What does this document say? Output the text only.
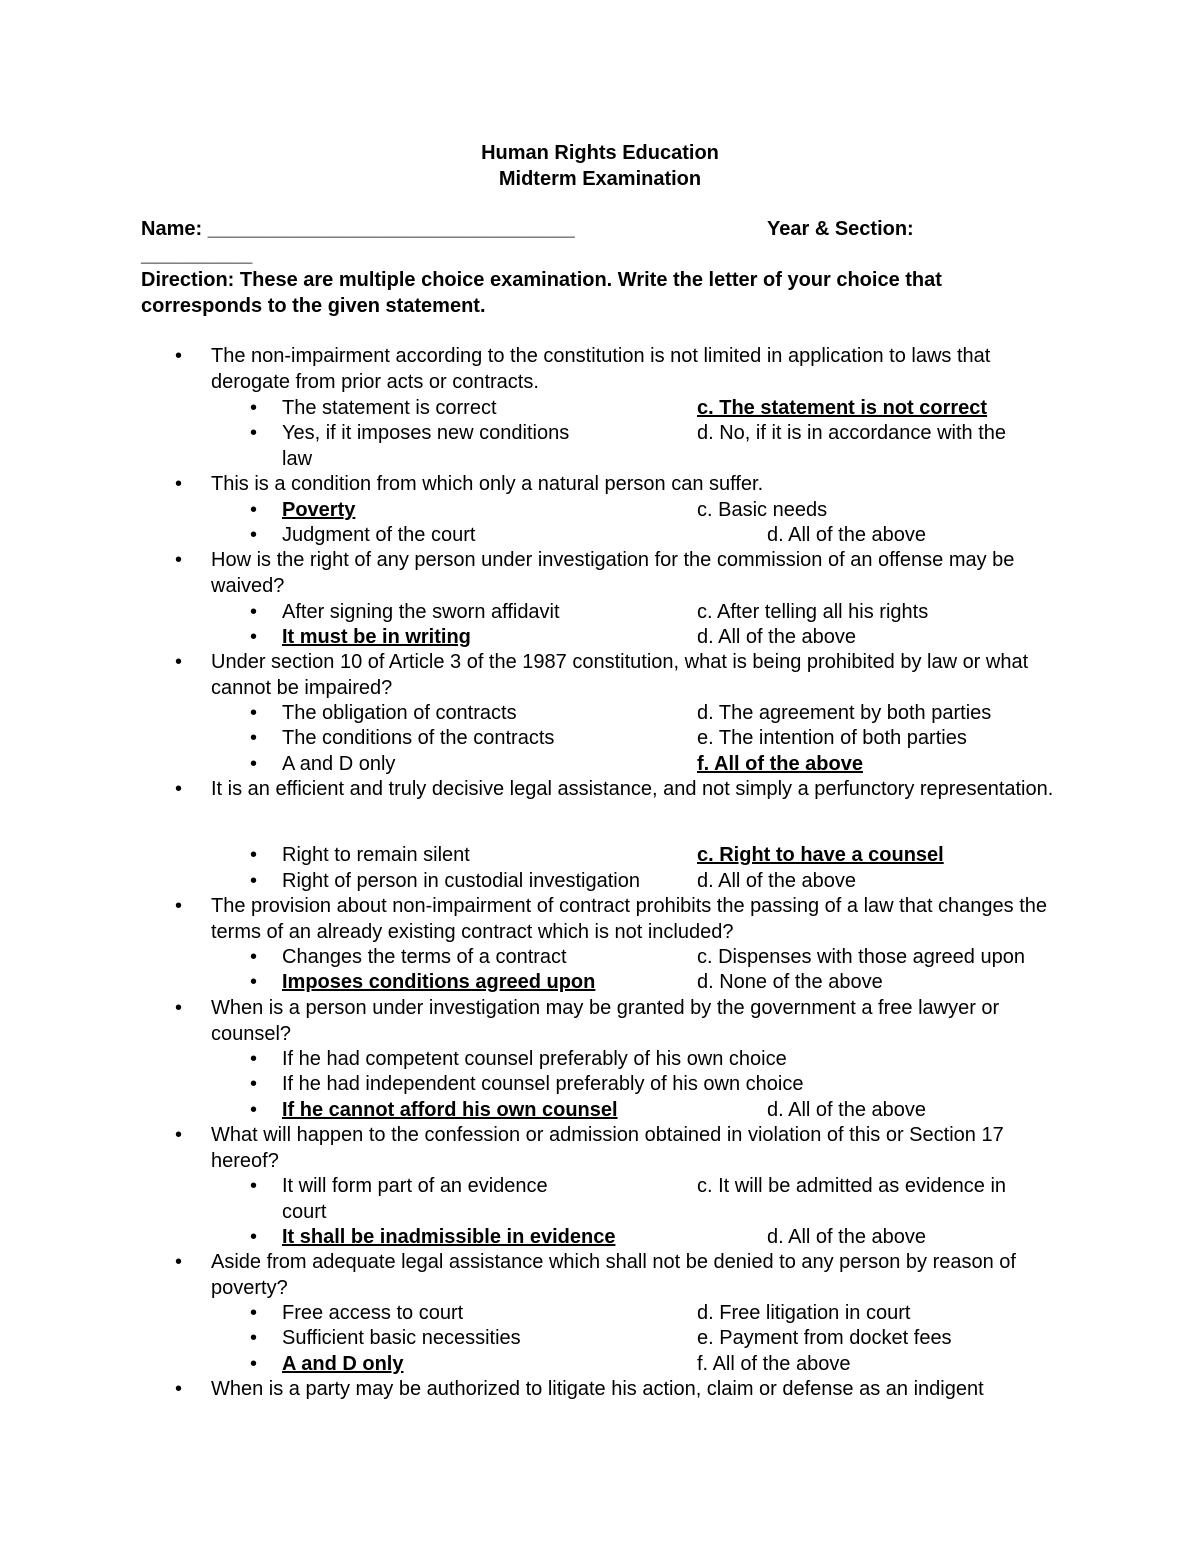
Human Rights Education
Midterm Examination
Name: _________________________________	Year & Section:
__________
Direction: These are multiple choice examination. Write the letter of your choice that corresponds to the given statement.
• The non-impairment according to the constitution is not limited in application to laws that derogate from prior acts or contracts.
• The statement is correct	c. The statement is not correct
• Yes, if it imposes new conditions	d. No, if it is in accordance with the
law
• This is a condition from which only a natural person can suffer.
• Poverty	c. Basic needs
• Judgment of the court	d. All of the above
• How is the right of any person under investigation for the commission of an offense may be waived?
• After signing the sworn affidavit	c. After telling all his rights
• It must be in writing	d. All of the above
• Under section 10 of Article 3 of the 1987 constitution, what is being prohibited by law or what cannot be impaired?
• The obligation of contracts	d. The agreement by both parties
• The conditions of the contracts	e. The intention of both parties
• A and D only	f. All of the above
• It is an efficient and truly decisive legal assistance, and not simply a perfunctory representation.
• Right to remain silent	c. Right to have a counsel
• Right of person in custodial investigation	d. All of the above
• The provision about non-impairment of contract prohibits the passing of a law that changes the terms of an already existing contract which is not included?
• Changes the terms of a contract	c. Dispenses with those agreed upon
• Imposes conditions agreed upon	d. None of the above
• When is a person under investigation may be granted by the government a free lawyer or counsel?
• If he had competent counsel preferably of his own choice
• If he had independent counsel preferably of his own choice
• If he cannot afford his own counsel	d. All of the above
• What will happen to the confession or admission obtained in violation of this or Section 17 hereof?
• It will form part of an evidence	c. It will be admitted as evidence in
court
• It shall be inadmissible in evidence	d. All of the above
• Aside from adequate legal assistance which shall not be denied to any person by reason of poverty?
• Free access to court	d. Free litigation in court
• Sufficient basic necessities	e. Payment from docket fees
• A and D only	f. All of the above
• When is a party may be authorized to litigate his action, claim or defense as an indigent
